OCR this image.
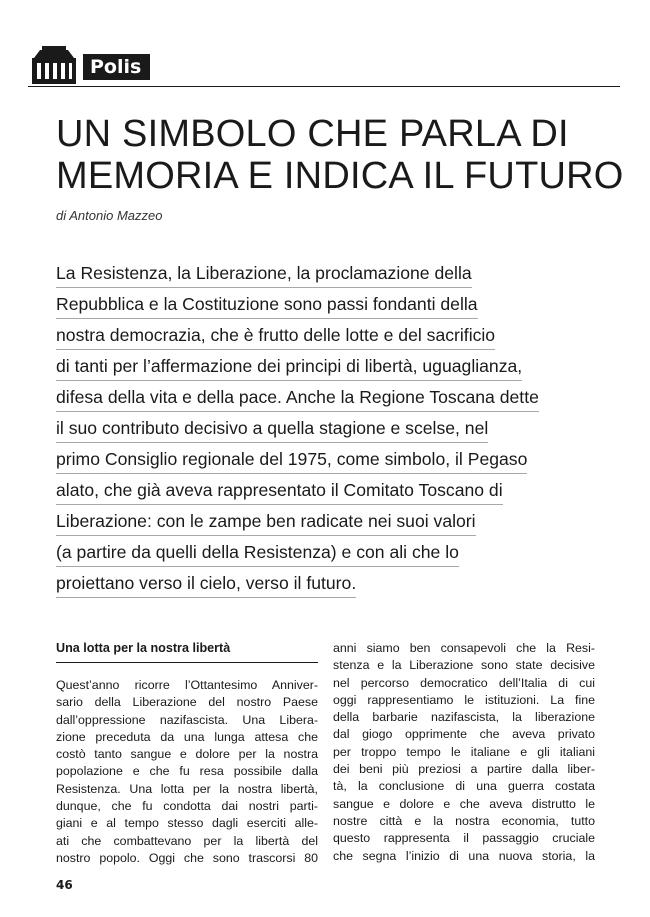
Polis
UN SIMBOLO CHE PARLA DI
MEMORIA E INDICA IL FUTURO
di Antonio Mazzeo
La Resistenza, la Liberazione, la proclamazione della
Repubblica e la Costituzione sono passi fondanti della
nostra democrazia, che è frutto delle lotte e del sacrificio
di tanti per l’affermazione dei principi di libertà, uguaglianza,
difesa della vita e della pace. Anche la Regione Toscana dette
il suo contributo decisivo a quella stagione e scelse, nel
primo Consiglio regionale del 1975, come simbolo, il Pegaso
alato, che già aveva rappresentato il Comitato Toscano di
Liberazione: con le zampe ben radicate nei suoi valori
(a partire da quelli della Resistenza) e con ali che lo
proiettano verso il cielo, verso il futuro.
Una lotta per la nostra libertà
Quest’anno ricorre l’Ottantesimo Anniver-
sario della Liberazione del nostro Paese
dall’oppressione nazifascista. Una Libera-
zione preceduta da una lunga attesa che
costò tanto sangue e dolore per la nostra
popolazione e che fu resa possibile dalla
Resistenza. Una lotta per la nostra libertà,
dunque, che fu condotta dai nostri parti-
giani e al tempo stesso dagli eserciti alle-
ati che combattevano per la libertà del
nostro popolo. Oggi che sono trascorsi 80
anni siamo ben consapevoli che la Resi-
stenza e la Liberazione sono state decisive
nel percorso democratico dell’Italia di cui
oggi rappresentiamo le istituzioni. La fine
della barbarie nazifascista, la liberazione
dal giogo opprimente che aveva privato
per troppo tempo le italiane e gli italiani
dei beni più preziosi a partire dalla liber-
tà, la conclusione di una guerra costata
sangue e dolore e che aveva distrutto le
nostre città e la nostra economia, tutto
questo rappresenta il passaggio cruciale
che segna l’inizio di una nuova storia, la
46
